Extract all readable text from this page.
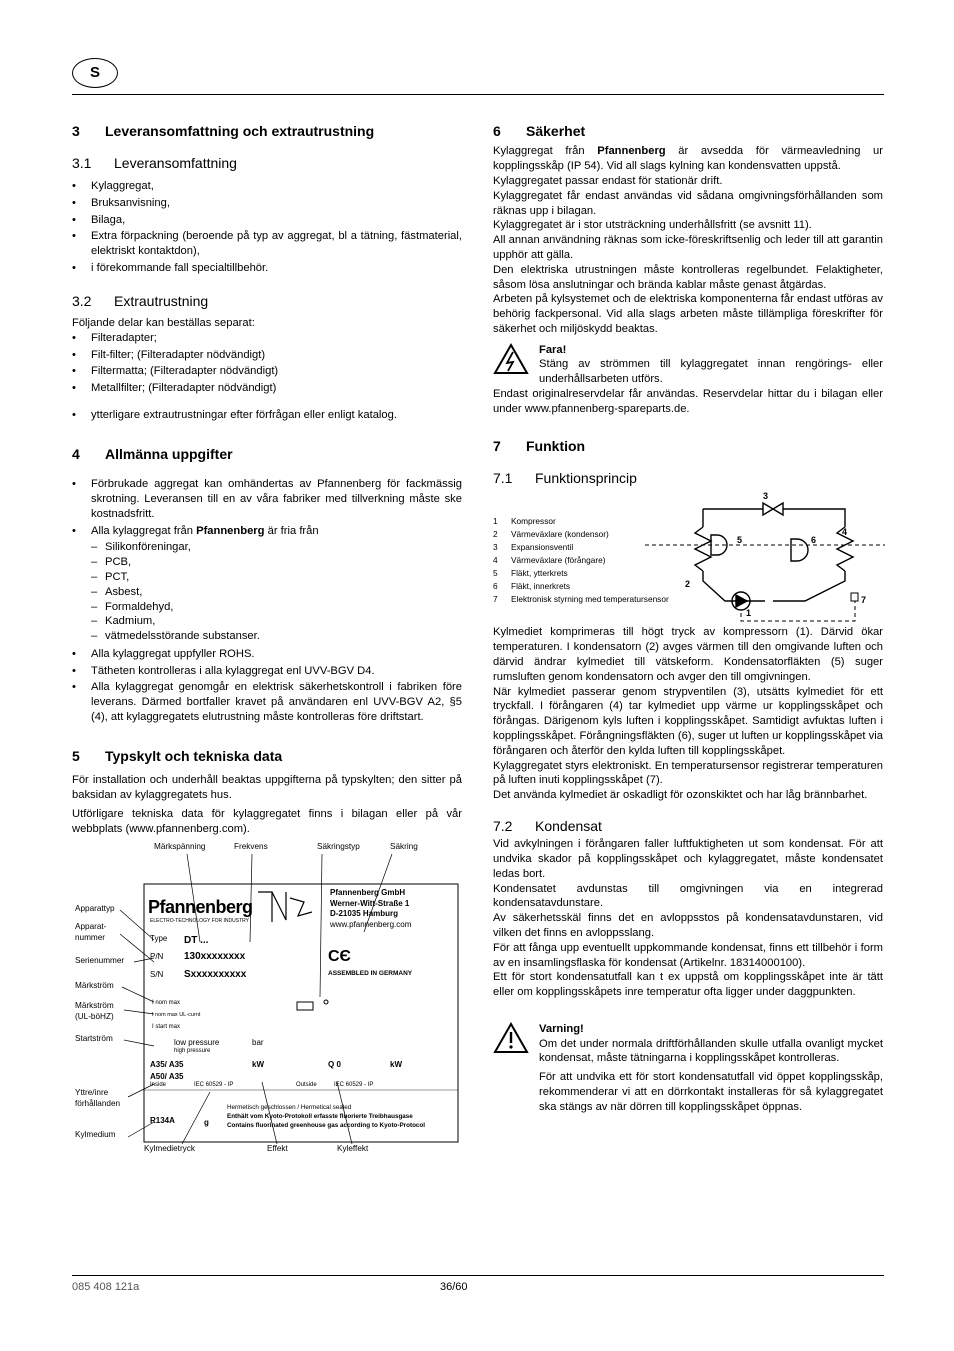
S
3 Leveransomfattning och extrautrustning
3.1 Leveransomfattning
• Kylaggregat,
• Bruksanvisning,
• Bilaga,
• Extra förpackning (beroende på typ av aggregat, bl a tätning, fästmaterial, elektriskt kontaktdon),
• i förekommande fall specialtillbehör.
3.2 Extrautrustning

Följande delar kan beställas separat:

• Filteradapter;
• Filt-filter; (Filteradapter nödvändigt)
• Filtermatta; (Filteradapter nödvändigt)
• Metallfilter; (Filteradapter nödvändigt)
• ytterligare extrautrustningar efter förfrågan eller enligt katalog.
4 Allmänna uppgifter
• Förbrukade aggregat kan omhändertas av Pfannenberg för fackmässig skrotning. Leveransen till en av våra fabriker med tillverkning måste ske kostnadsfritt.
• Alla kylaggregat från Pfannenberg är fria från
– Silikonföreningar,
– PCB,
– PCT,
– Asbest,
– Formaldehyd,
– Kadmium,
– vätmedelsstörande substanser.
• Alla kylaggregat uppfyller ROHS.
• Tätheten kontrolleras i alla kylaggregat enl UVV-BGV D4.
• Alla kylaggregat genomgår en elektrisk säkerhetskontroll i fabriken före leverans. Därmed bortfaller kravet på användaren enl UVV-BGV A2, §5 (4), att kylaggregatets elutrustning måste kontrolleras före driftstart.
5 Typskylt och tekniska data

För installation och underhåll beaktas uppgifterna på typskylten; den sitter på baksidan av kylaggregatets hus.

Utförligare tekniska data för kylaggregatet finns i bilagan eller på vår webbplats (www.pfannenberg.com).

Märkspänning	Frekvens	Säkringstyp	Säkring
Apparattyp
Apparat-
nummer
Serienummer
Märkström
Märkström
(UL-böHZ)
Startström
Yttre/inre
förhållanden
Kylmedium
Kylmedietryck	Effekt	Kyleffekt
Pfannenberg
ELECTRO-TECHNOLOGY FOR INDUSTRY
Pfannenberg GmbH
Werner-Witt-Straße 1
D-21035 Hamburg
www.pfannenberg.com
Type DT ...
P/N 130xxxxxxxx
S/N Sxxxxxxxxxx
CЄ
ASSEMBLED IN GERMANY
I nom max
I nom max UL-curnt
I start max
low pressure
high pressure
bar
A35/ A35
A50/ A35
kW	Q 0	kW
Inside	IEC 60529 - IP	Outside	IEC 60529 - IP
R134A	g
Hermetisch geschlossen / Hermetical sealed
Enthält vom Kyoto-Protokoll erfasste fluorierte Treibhausgase
Contains fluorinated greenhouse gas according to Kyoto-Protocol
6 Säkerhet

Kylaggregat från Pfannenberg är avsedda för värmeavledning ur kopplingsskåp (IP 54). Vid all slags kylning kan kondensvatten uppstå.

Kylaggregatet passar endast för stationär drift.

Kylaggregatet får endast användas vid sådana omgivningsförhållanden som räknas upp i bilagan.

Kylaggregatet är i stor utsträckning underhållsfritt (se avsnitt 11).

All annan användning räknas som icke-föreskriftsenlig och leder till att garantin upphör att gälla.

Den elektriska utrustningen måste kontrolleras regelbundet. Felaktigheter, såsom lösa anslutningar och brända kablar måste genast åtgärdas.

Arbeten på kylsystemet och de elektriska komponenterna får endast utföras av behörig fackpersonal. Vid alla slags arbeten måste tillämpliga föreskrifter för säkerhet och miljöskydd beaktas.

Fara!

Stäng av strömmen till kylaggregatet innan rengörings- eller underhållsarbeten utförs.

Endast originalreservdelar får användas. Reservdelar hittar du i bilagan eller under www.pfannenberg-spareparts.de.

7 Funktion
7.1 Funktionsprincip
1 Kompressor
2 Värmeväxlare (kondensor)
3 Expansionsventil
4 Värmeväxlare (förångare)
5 Fläkt, ytterkrets
6 Fläkt, innerkrets
7 Elektronisk styrning med temperatursensor
1
2
3
4
5	6
7

Kylmediet komprimeras till högt tryck av kompressorn (1). Därvid ökar temperaturen. I kondensatorn (2) avges värmen till den omgivande luften och därvid ändrar kylmediet till vätskeform. Kondensatorfläkten (5) suger rumsluften genom kondensatorn och avger den till omgivningen.

När kylmediet passerar genom strypventilen (3), utsätts kylmediet för ett tryckfall. I förångaren (4) tar kylmediet upp värme ur kopplingsskåpet och förångas. Därigenom kyls luften i kopplingsskåpet. Samtidigt avfuktas luften i kopplingsskåpet. Förångningsfläkten (6), suger ut luften ur kopplingsskåpet via förångaren och återför den kylda luften till kopplingsskåpet.

Kylaggregatet styrs elektroniskt. En temperatursensor registrerar temperaturen på luften inuti kopplingsskåpet (7).

Det använda kylmediet är oskadligt för ozonskiktet och har låg brännbarhet.

7.2 Kondensat

Vid avkylningen i förångaren faller luftfuktigheten ut som kondensat. För att undvika skador på kopplingsskåpet och kylaggregatet, måste kondensatet ledas bort.

Kondensatet avdunstas till omgivningen via en integrerad kondensatavdunstare.

Av säkerhetsskäl finns det en avloppsstos på kondensatavdunstaren, vid vilken det finns en avloppsslang.

För att fånga upp eventuellt uppkommande kondensat, finns ett tillbehör i form av en insamlingsflaska för kondensat (Artikelnr. 18314000100).

Ett för stort kondensatutfall kan t ex uppstå om kopplingsskåpet inte är tätt eller om kopplingsskåpets inre temperatur ofta ligger under daggpunkten.

Varning!

Om det under normala driftförhållanden skulle utfalla ovanligt mycket kondensat, måste tätningarna i kopplingsskåpet kontrolleras.

För att undvika ett för stort kondensatutfall vid öppet kopplingsskåp, rekommenderar vi att en dörrkontakt installeras för så kylaggregatet ska stängs av när dörren till kopplingsskåpet öppnas.

085 408 121a	36/60
